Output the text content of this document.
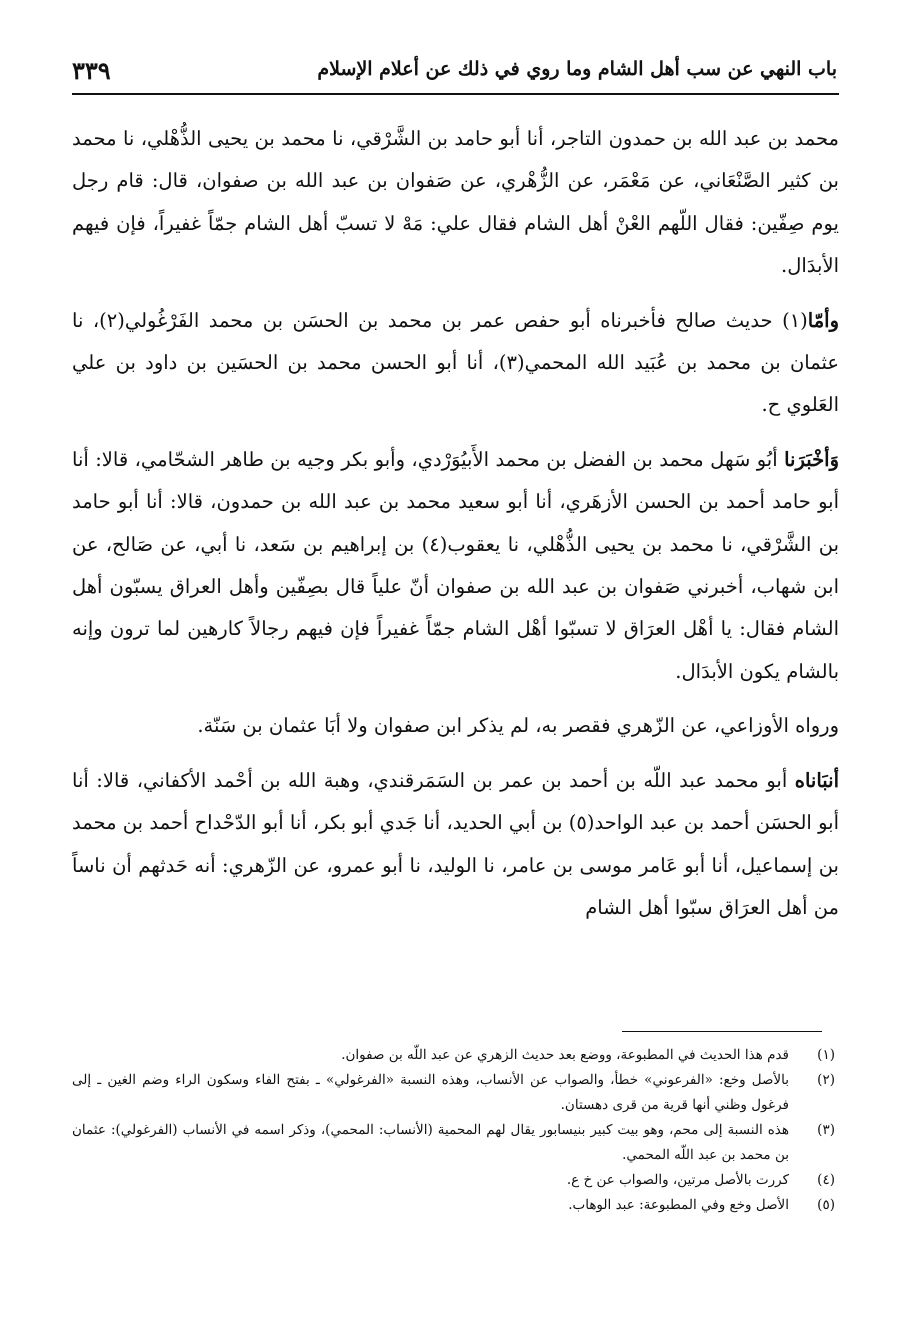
باب النهي عن سب أهل الشام وما روي في ذلك عن أعلام الإسلام
٣٣٩

محمد بن عبد الله بن حمدون التاجر، أنا أبو حامد بن الشَّرْقي، نا محمد بن يحيى الذُّهْلي، نا محمد بن كثير الصَّنْعَاني، عن مَعْمَر، عن الزُّهْري، عن صَفوان بن عبد الله بن صفوان، قال: قام رجل يوم صِفّين: فقال اللّهم العْنْ أهل الشام فقال علي: مَهْ لا تسبّ أهل الشام جمّاً غفيراً، فإن فيهم الأبدَال.

وأمّا(١) حديث صالح فأخبرناه أبو حفص عمر بن محمد بن الحسَن بن محمد الفَرْغُولي(٢)، نا عثمان بن محمد بن عُبَيد الله المحمي(٣)، أنا أبو الحسن محمد بن الحسَين بن داود بن علي العَلوي ح.

وَأخْبَرَنا أبُو سَهل محمد بن الفضل بن محمد الأَبيُوَرْدي، وأبو بكر وجيه بن طاهر الشحّامي، قالا: أنا أبو حامد أحمد بن الحسن الأزهَري، أنا أبو سعيد محمد بن عبد الله بن حمدون، قالا: أنا أبو حامد بن الشَّرْقي، نا محمد بن يحيى الذُّهْلي، نا يعقوب(٤) بن إبراهيم بن سَعد، نا أبي، عن صَالح، عن ابن شهاب، أخبرني صَفوان بن عبد الله بن صفوان أنّ علياً قال بصِفّين وأهل العراق يسبّون أهل الشام فقال: يا أهْل العرَاق لا تسبّوا أهْل الشام جمّاً غفيراً فإن فيهم رجالاً كارهين لما ترون وإنه بالشام يكون الأبدَال.

ورواه الأوزاعي، عن الزّهري فقصر به، لم يذكر ابن صفوان ولا أبَا عثمان بن سَنّة.

أنبَاناه أبو محمد عبد اللّه بن أحمد بن عمر بن السَمَرقندي، وهبة الله بن أحْمد الأكفاني، قالا: أنا أبو الحسَن أحمد بن عبد الواحد(٥) بن أبي الحديد، أنا جَدي أبو بكر، أنا أبو الدّحْداح أحمد بن محمد بن إسماعيل، أنا أبو عَامر موسى بن عامر، نا الوليد، نا أبو عمرو، عن الزّهري: أنه حَدثهم أن ناساً من أهل العرَاق سبّوا أهل الشام

(١)
قدم هذا الحديث في المطبوعة، ووضع بعد حديث الزهري عن عبد اللّه بن صفوان.
(٢)
بالأصل وخع: «الفرعوني» خطأ، والصواب عن الأنساب، وهذه النسبة «الفرغولي» ـ بفتح الفاء وسكون الراء وضم الغين ـ إلى فرغول وظني أنها قرية من قرى دهستان.
(٣)
هذه النسبة إلى محم، وهو بيت كبير بنيسابور يقال لهم المحمية (الأنساب: المحمي)، وذكر اسمه في الأنساب (الفرغولي): عثمان بن محمد بن عبد اللّه المحمي.
(٤)
كررت بالأصل مرتين، والصواب عن خ ع.
(٥)
الأصل وخع وفي المطبوعة: عبد الوهاب.
